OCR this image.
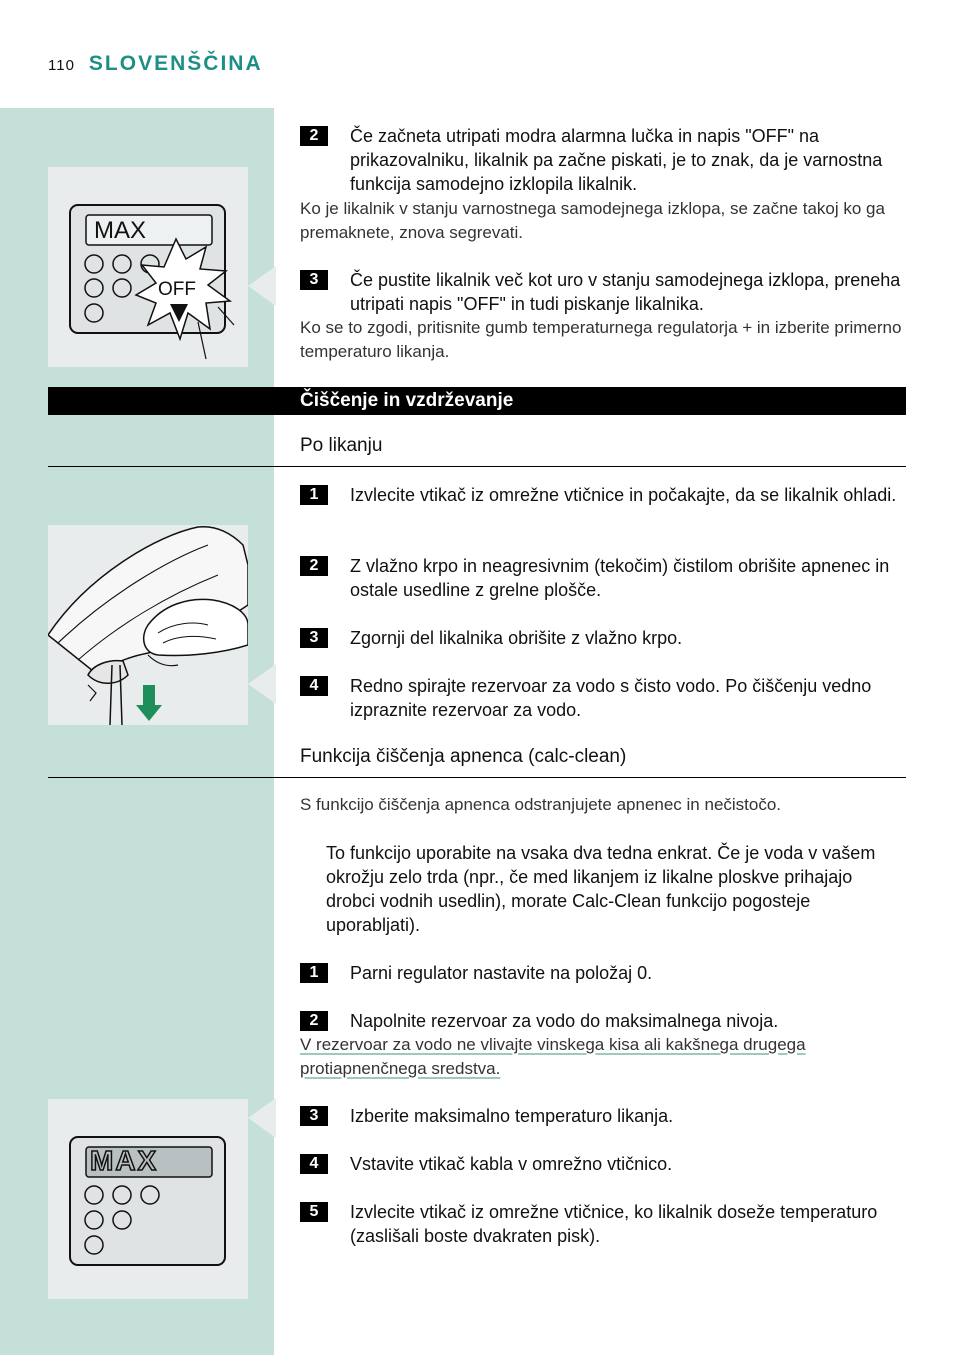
110 SLOVENŠČINA
MAX
OFF
2	Če začneta utripati modra alarmna lučka in napis "OFF" na prikazovalniku, likalnik pa začne piskati, je to znak, da je varnostna funkcija samodejno izklopila likalnik.
Ko je likalnik v stanju varnostnega samodejnega izklopa, se začne takoj ko ga premaknete, znova segrevati.
3	Če pustite likalnik več kot uro v stanju samodejnega izklopa, preneha utripati napis "OFF" in tudi piskanje likalnika.
Ko se to zgodi, pritisnite gumb temperaturnega regulatorja + in izberite primerno temperaturo likanja.
Čiščenje in vzdrževanje
Po likanju
1	Izvlecite vtikač iz omrežne vtičnice in počakajte, da se likalnik ohladi.
2	Z vlažno krpo in neagresivnim (tekočim) čistilom obrišite apnenec in ostale usedline z grelne plošče.
3	Zgornji del likalnika obrišite z vlažno krpo.
4	Redno spirajte rezervoar za vodo s čisto vodo. Po čiščenju vedno izpraznite rezervoar za vodo.
Funkcija čiščenja apnenca (calc-clean)
S funkcijo čiščenja apnenca odstranjujete apnenec in nečistočo.
To funkcijo uporabite na vsaka dva tedna enkrat. Če je voda v vašem okrožju zelo trda (npr., če med likanjem iz likalne ploskve prihajajo drobci vodnih usedlin), morate Calc-Clean funkcijo pogosteje uporabljati).
1	Parni regulator nastavite na položaj 0.
2	Napolnite rezervoar za vodo do maksimalnega nivoja.
V rezervoar za vodo ne vlivajte vinskega kisa ali kakšnega drugega protiapnenčnega sredstva.
MAX
3	Izberite maksimalno temperaturo likanja.
4	Vstavite vtikač kabla v omrežno vtičnico.
5	Izvlecite vtikač iz omrežne vtičnice, ko likalnik doseže temperaturo (zaslišali boste dvakraten pisk).
